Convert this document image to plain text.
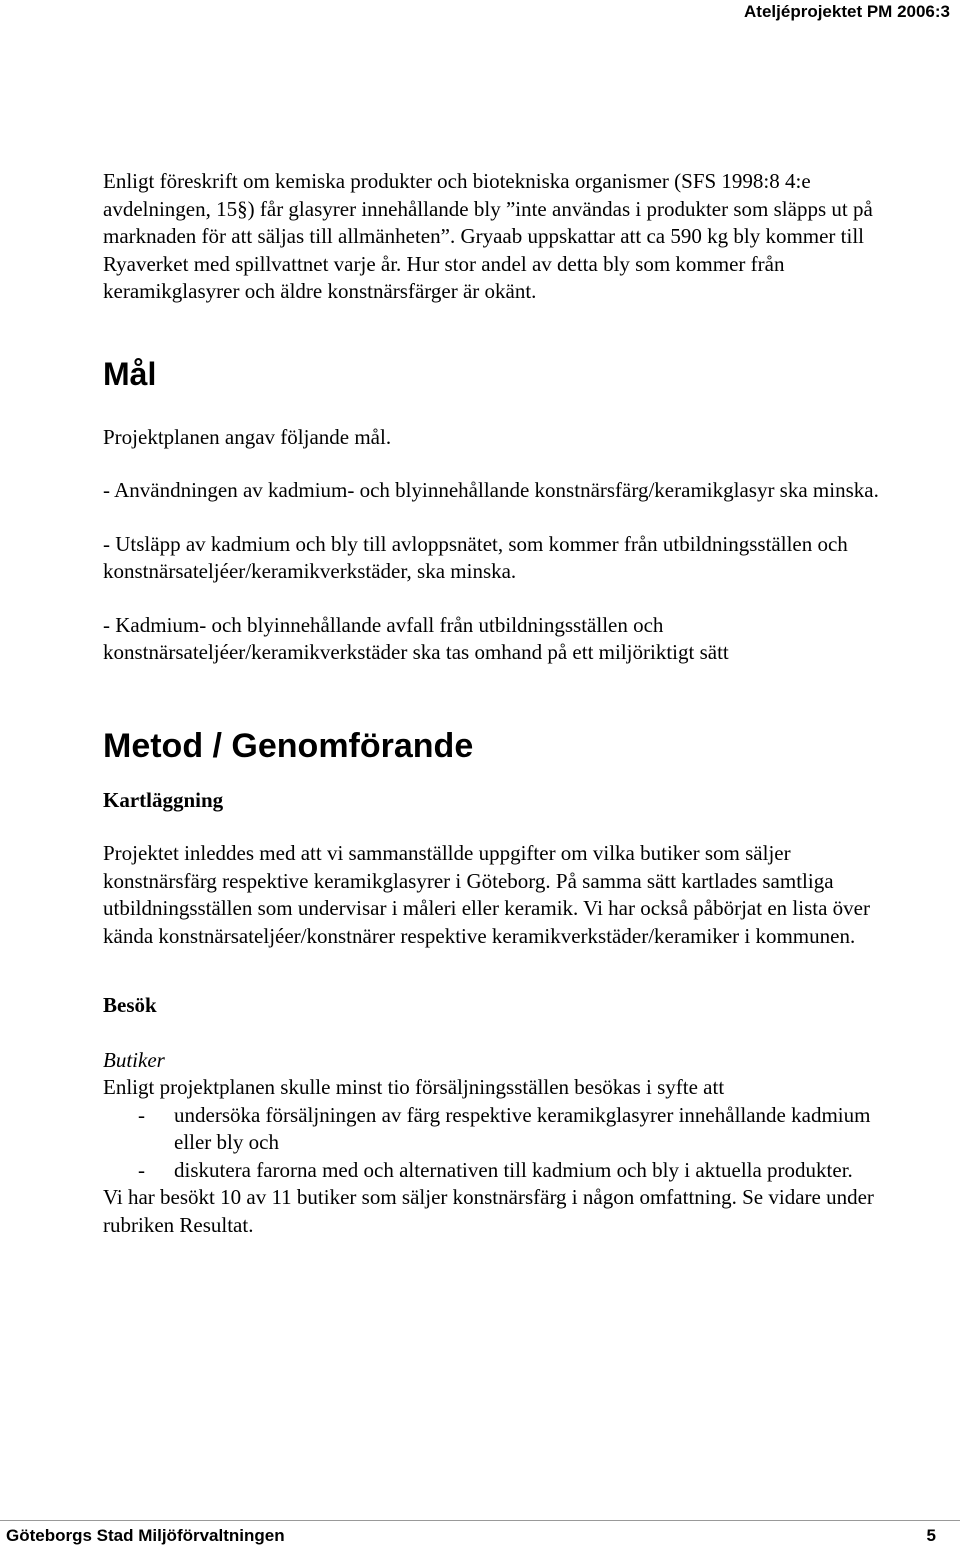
Ateljéprojektet PM 2006:3

Enligt föreskrift om kemiska produkter och biotekniska organismer (SFS 1998:8 4:e avdelningen, 15§) får glasyrer innehållande bly ”inte användas i produkter som släpps ut på marknaden för att säljas till allmänheten”. Gryaab uppskattar att ca 590 kg bly kommer till Ryaverket med spillvattnet varje år. Hur stor andel av detta bly som kommer från keramikglasyrer och äldre konstnärsfärger är okänt.

Mål

Projektplanen angav följande mål.

- Användningen av kadmium- och blyinnehållande konstnärsfärg/keramikglasyr ska minska.

- Utsläpp av kadmium och bly till avloppsnätet, som kommer från utbildningsställen och konstnärsateljéer/keramikverkstäder, ska minska.

- Kadmium- och blyinnehållande avfall från utbildningsställen och konstnärsateljéer/keramikverkstäder ska tas omhand på ett miljöriktigt sätt

Metod / Genomförande

Kartläggning

Projektet inleddes med att vi sammanställde uppgifter om vilka butiker som säljer konstnärsfärg respektive keramikglasyrer i Göteborg. På samma sätt kartlades samtliga utbildningsställen som undervisar i måleri eller keramik. Vi har också påbörjat en lista över kända konstnärsateljéer/konstnärer respektive keramikverkstäder/keramiker i kommunen.

Besök

Butiker

Enligt projektplanen skulle minst tio försäljningsställen besökas i syfte att

- undersöka försäljningen av färg respektive keramikglasyrer innehållande kadmium eller bly och
- diskutera farorna med och alternativen till kadmium och bly i aktuella produkter.

Vi har besökt 10 av 11 butiker som säljer konstnärsfärg i någon omfattning. Se vidare under rubriken Resultat.

Göteborgs Stad Miljöförvaltningen	5
